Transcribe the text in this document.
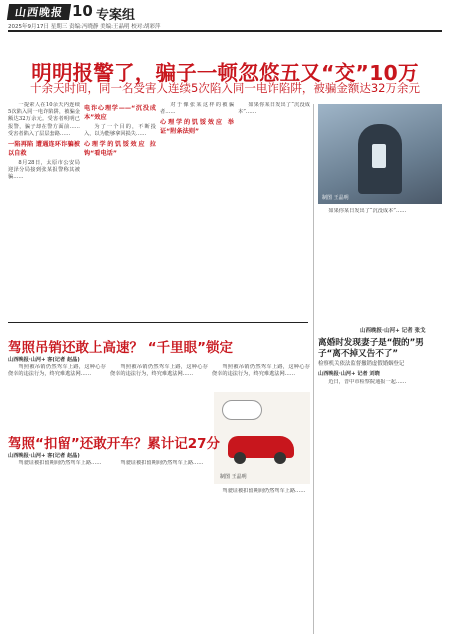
山西晚报 10 专案组
2025年9月17日 星期三 责编:冯晓静 美编:王晶明 校对:胡彩萍
明明报警了，骗子一顿忽悠五又“交”10万
十余天时间，同一名受害人连续5次陷入同一电诈陷阱，被骗金额达32万余元

一提索人在10余天内连续5次陷入同一电诈陷阱，被骗金额达32万余元。受害者明明已报警，骗子却在警方面前……受害者陷入了层层套路……

一陷再陷 遭遇连环诈骗被以自救

8月28日，太原市公安局迎泽分局接到张某报警称其被骗……

电诈心理学——“沉没成本”效应

为了一个目的，不断投入，以为能够拿回损失……

心理学的饥馁效应 拉钩“看电话”

对于像张某这样的被骗者……

心理学的饥馁效应 举证“附条法则”

如果你某日发出了“沉没成本”……

制图 王晶明

如果你某日发出了“沉没成本”……

山西晚报·山河+ 记者 张戈
驾照吊销还敢上高速？ “千里眼”锁定
山西晚报·山河+ 客(记者 赵晶)

驾照被吊销仍然驾车上路，这种心存侥幸的违法行为，终究难逃法网……

驾照被吊销仍然驾车上路，这种心存侥幸的违法行为，终究难逃法网……

驾照被吊销仍然驾车上路，这种心存侥幸的违法行为，终究难逃法网……

制图 王晶明
驾照“扣留”还敢开车？累计记27分
山西晚报·山河+ 客(记者 赵晶)

驾驶证被扣留期间仍然驾车上路……	驾驶证被扣留期间仍然驾车上路……

驾驶证被扣留期间仍然驾车上路……

离婚时发现妻子是“假的”男子“离不掉又告不了”
检察机关依法监督撤销虚假婚姻登记
山西晚报·山河+ 记者 刘晓

近日，晋中市检察院通报一起……
